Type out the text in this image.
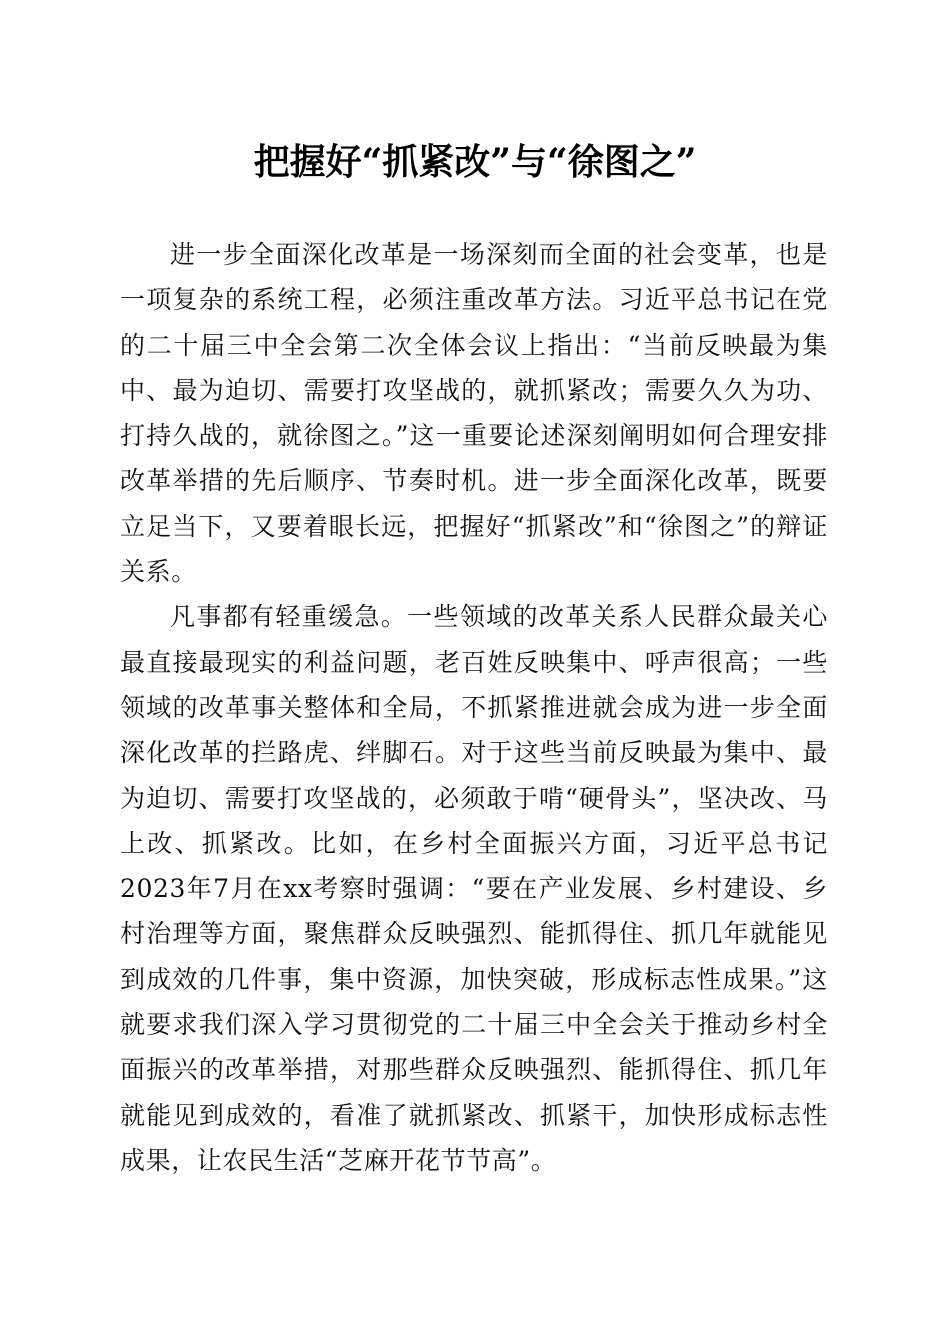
把握好“抓紧改”与“徐图之”

进一步全面深化改革是一场深刻而全面的社会变革，也是一项复杂的系统工程，必须注重改革方法。习近平总书记在党的二十届三中全会第二次全体会议上指出：“当前反映最为集中、最为迫切、需要打攻坚战的，就抓紧改；需要久久为功、打持久战的，就徐图之。”这一重要论述深刻阐明如何合理安排改革举措的先后顺序、节奏时机。进一步全面深化改革，既要立足当下，又要着眼长远，把握好“抓紧改”和“徐图之”的辩证关系。

凡事都有轻重缓急。一些领域的改革关系人民群众最关心最直接最现实的利益问题，老百姓反映集中、呼声很高；一些领域的改革事关整体和全局，不抓紧推进就会成为进一步全面深化改革的拦路虎、绊脚石。对于这些当前反映最为集中、最为迫切、需要打攻坚战的，必须敢于啃“硬骨头”，坚决改、马上改、抓紧改。比如，在乡村全面振兴方面，习近平总书记2023年7月在xx考察时强调：“要在产业发展、乡村建设、乡村治理等方面，聚焦群众反映强烈、能抓得住、抓几年就能见到成效的几件事，集中资源，加快突破，形成标志性成果。”这就要求我们深入学习贯彻党的二十届三中全会关于推动乡村全面振兴的改革举措，对那些群众反映强烈、能抓得住、抓几年就能见到成效的，看准了就抓紧改、抓紧干，加快形成标志性成果，让农民生活“芝麻开花节节高”。
